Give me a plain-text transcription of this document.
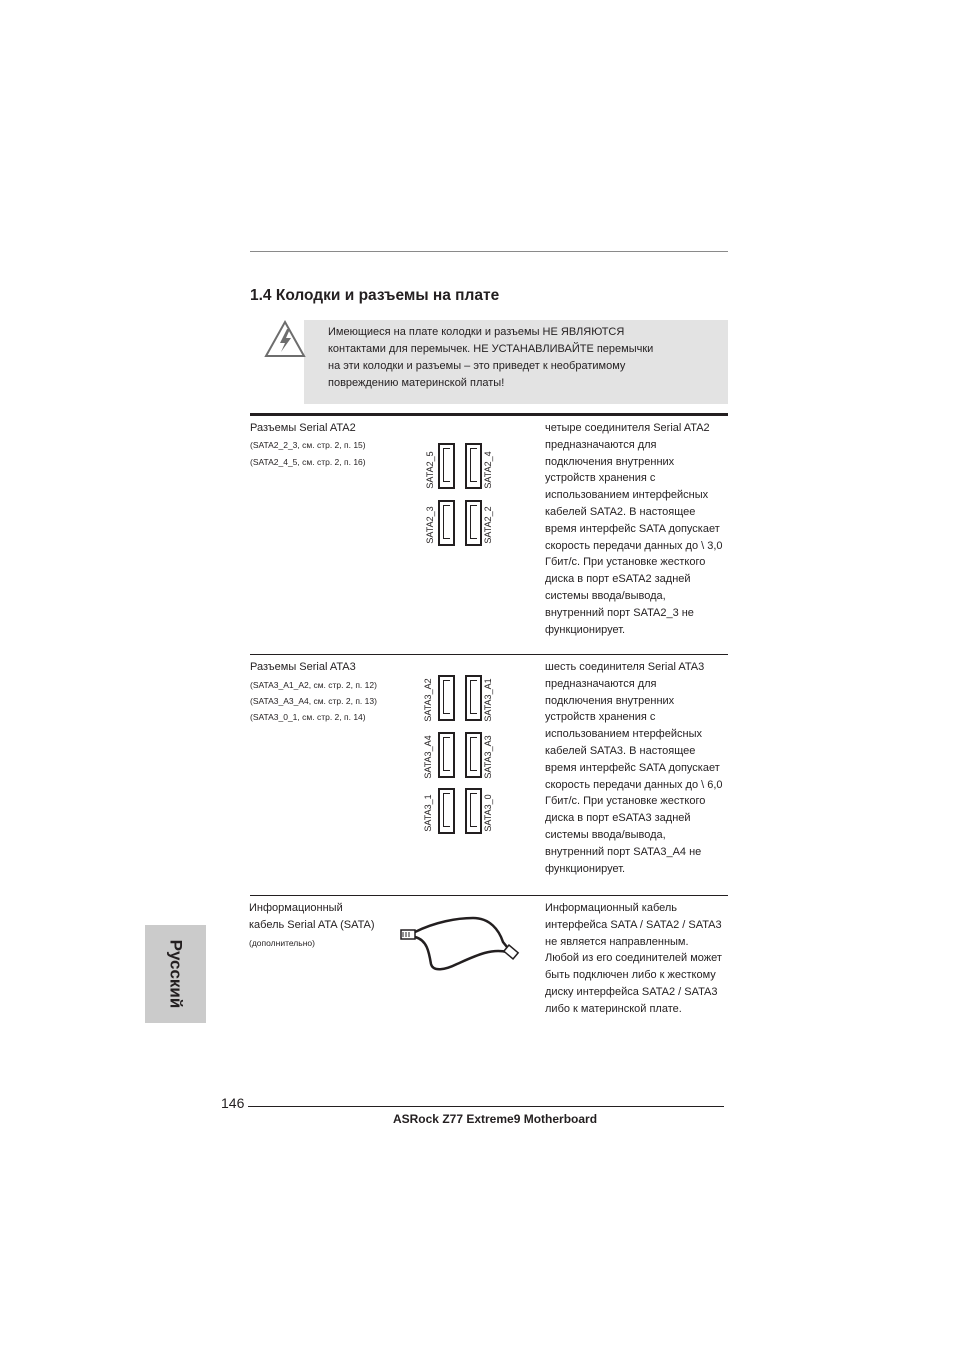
1.4 Колодки и разъемы на плате
Имеющиеся на плате колодки и разъемы НЕ ЯВЛЯЮТСЯ
контактами для перемычек. НЕ УСТАНАВЛИВАЙТЕ перемычки
на эти колодки и разъемы – это приведет к необратимому
повреждению материнской платы!
Разъемы Serial ATA2
(SATA2_2_3, см. стр. 2, п. 15)
(SATA2_4_5, см. стр. 2, п. 16)	SATA2_5	SATA2_4
SATA2_3	SATA2_2
четыре соединителя Serial ATA2
предназначаются для
подключения внутренних
устройств хранения с
использованием интерфейсных
кабелей SATA2. В настоящее
время интерфейс SATA допускает
скорость передачи данных до \ 3,0
Гбит/с. При установке жесткого
диска в порт eSATA2 задней
системы ввода/вывода,
внутренний порт SATA2_3 не
функционирует.
Разъемы Serial ATA3
(SATA3_A1_A2, см. стр. 2, п. 12)
(SATA3_A3_A4, см. стр. 2, п. 13)
(SATA3_0_1, см. стр. 2, п. 14)	SATA3_A2	SATA3_A1
SATA3_A4	SATA3_A3
SATA3_1	SATA3_0
шесть соединителя Serial ATA3
предназначаются для
подключения внутренних
устройств хранения с
использованием нтерфейсных
кабелей SATA3. В настоящее
время интерфейс SATA допускает
скорость передачи данных до \ 6,0
Гбит/с. При установке жесткого
диска в порт eSATA3 задней
системы ввода/вывода,
внутренний порт SATA3_A4 не
функционирует.
Информационный
кабель Serial ATA (SATA)
(дополнительно)
Информационный кабель
интерфейса SATA / SATA2 / SATA3
не является направленным.
Любой из его соединителей может
быть подключен либо к жесткому
диску интерфейса SATA2 / SATA3
либо к материнской плате.
Русский
146
ASRock Z77 Extreme9 Motherboard
